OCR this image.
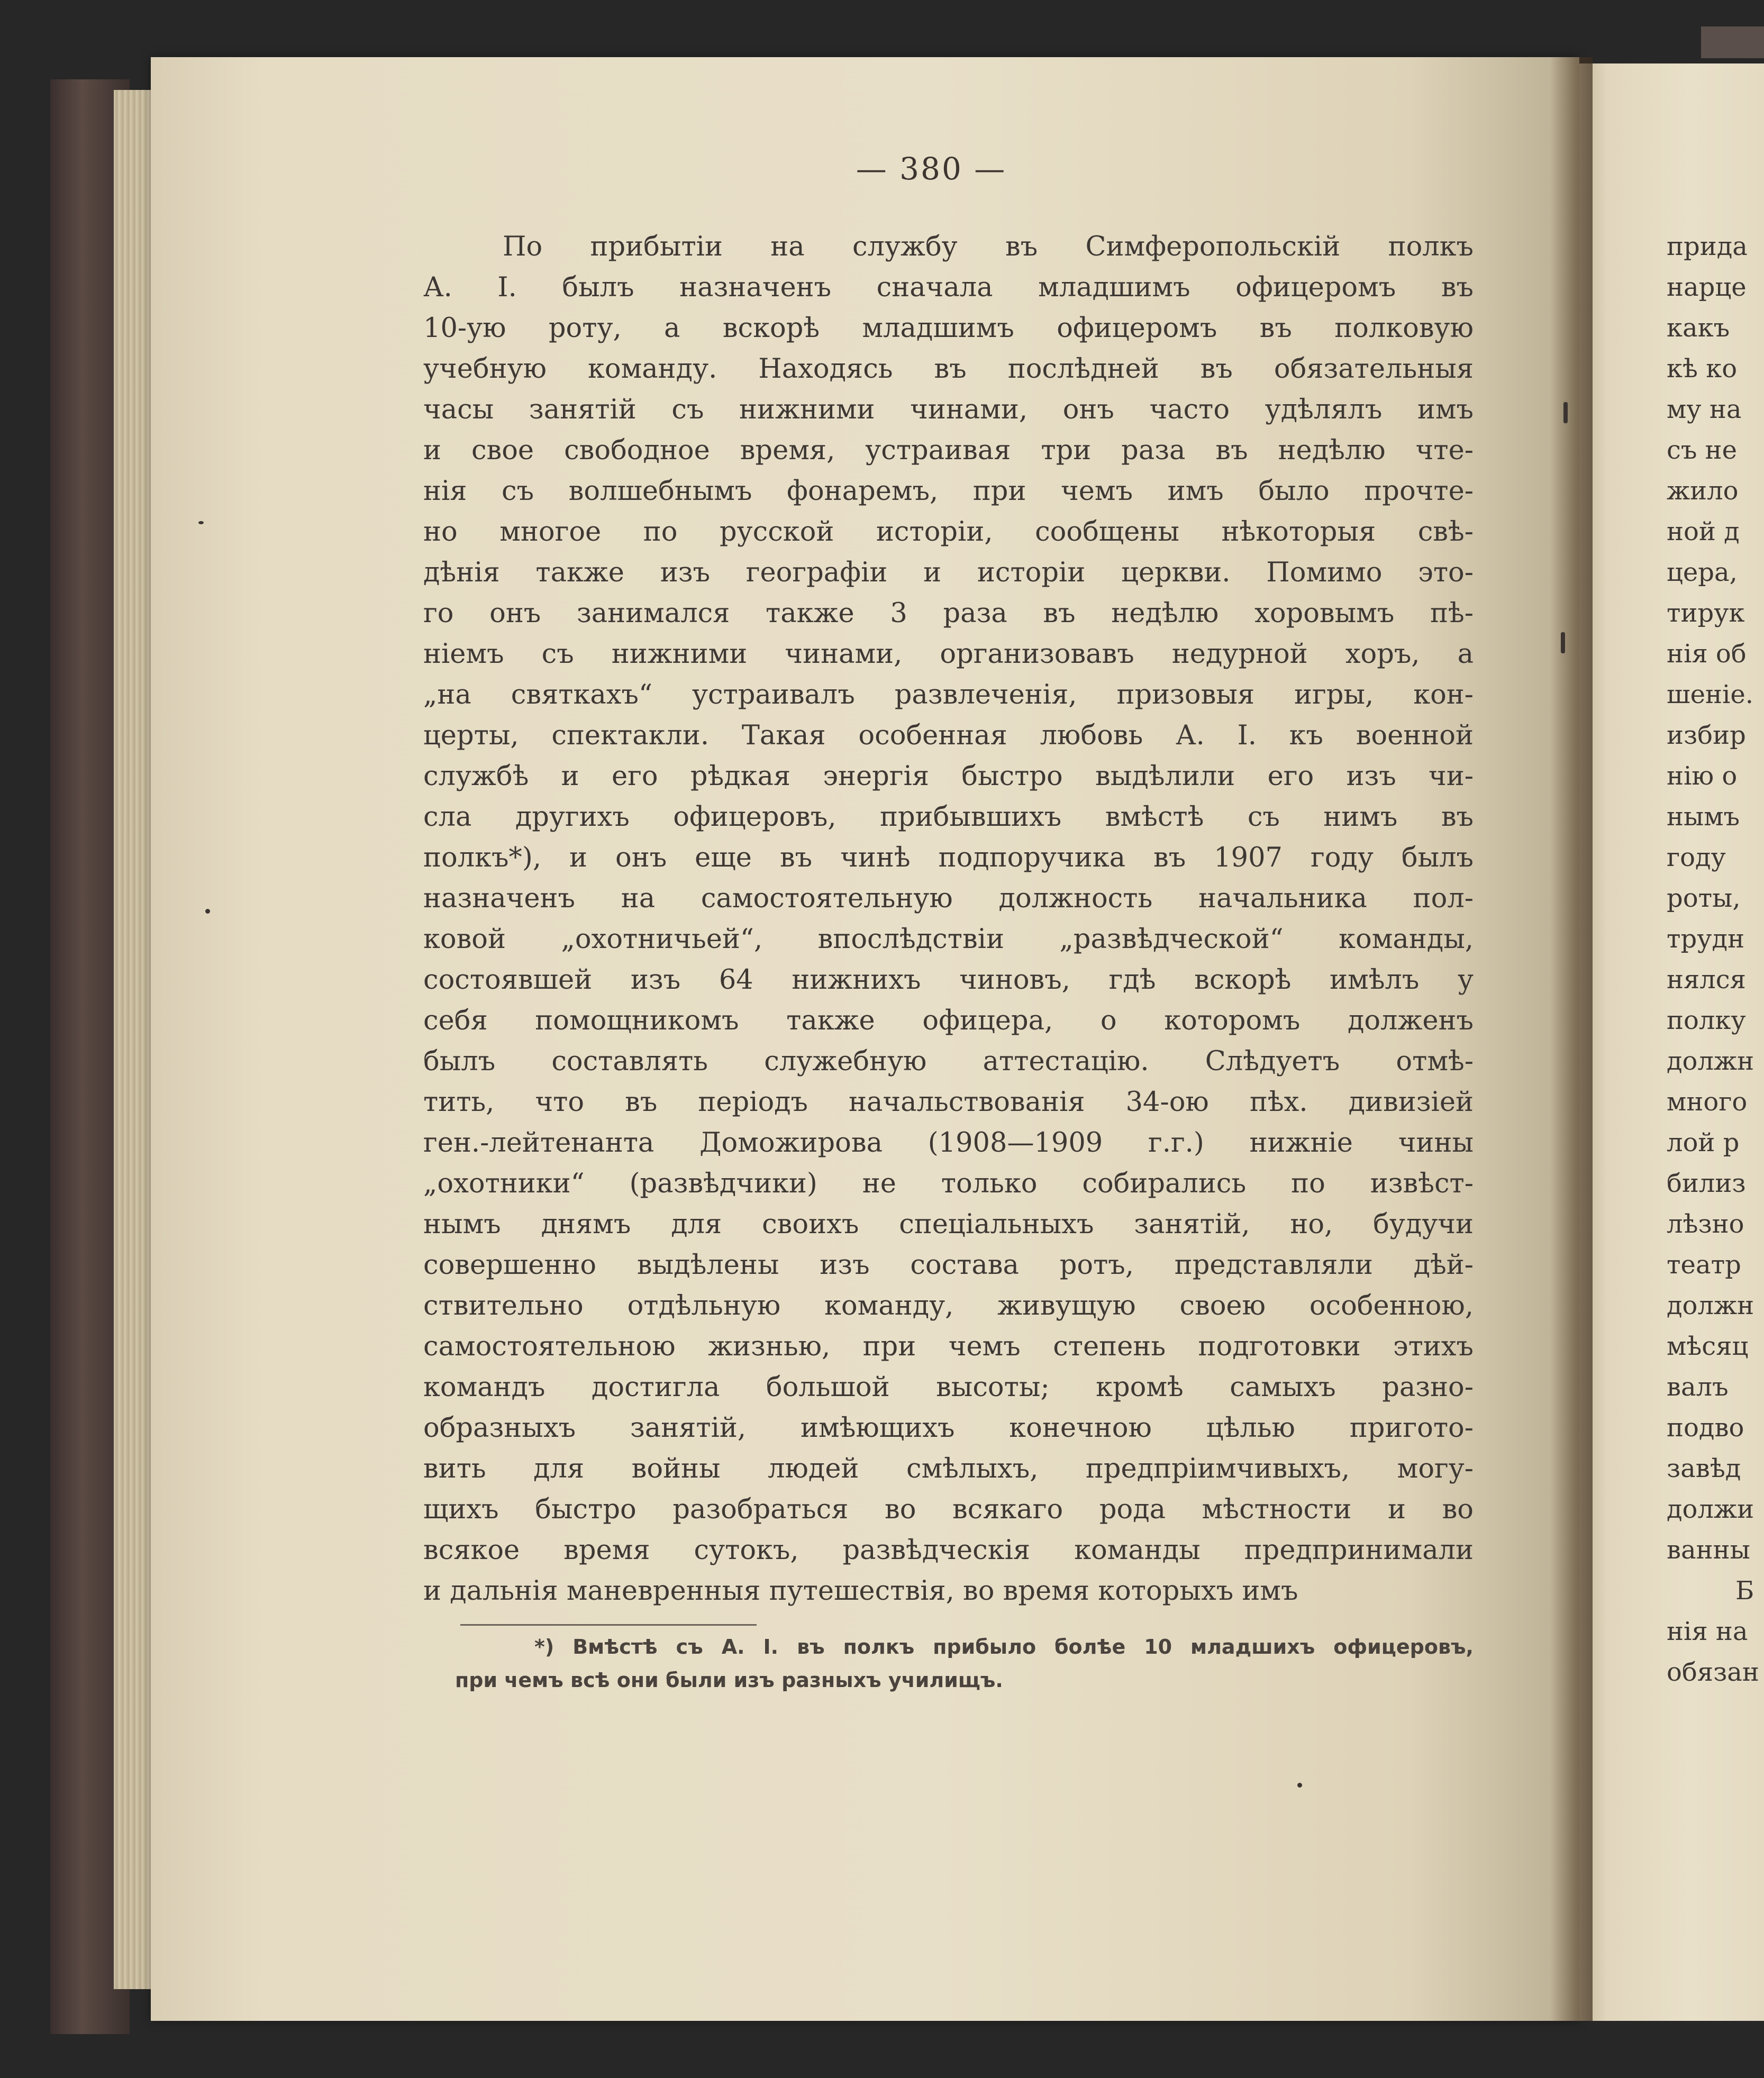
— 380 —
По прибытіи на службу въ Симферопольскій полкъ
А. І. былъ назначенъ сначала младшимъ офицеромъ въ
10-ую роту, а вскорѣ младшимъ офицеромъ въ полковую
учебную команду. Находясь въ послѣдней въ обязательныя
часы занятій съ нижними чинами, онъ часто удѣлялъ имъ
и свое свободное время, устраивая три раза въ недѣлю чте-
нія съ волшебнымъ фонаремъ, при чемъ имъ было прочте-
но многое по русской исторіи, сообщены нѣкоторыя свѣ-
дѣнія также изъ географіи и исторіи церкви. Помимо это-
го онъ занимался также 3 раза въ недѣлю хоровымъ пѣ-
ніемъ съ нижними чинами, организовавъ недурной хоръ, а
„на святкахъ“ устраивалъ развлеченія, призовыя игры, кон-
церты, спектакли. Такая особенная любовь А. І. къ военной
службѣ и его рѣдкая энергія быстро выдѣлили его изъ чи-
сла другихъ офицеровъ, прибывшихъ вмѣстѣ съ нимъ въ
полкъ*), и онъ еще въ чинѣ подпоручика въ 1907 году былъ
назначенъ на самостоятельную должность начальника пол-
ковой „охотничьей“, впослѣдствіи „развѣдческой“ команды,
состоявшей изъ 64 нижнихъ чиновъ, гдѣ вскорѣ имѣлъ у
себя помощникомъ также офицера, о которомъ долженъ
былъ составлять служебную аттестацію. Слѣдуетъ отмѣ-
тить, что въ періодъ начальствованія 34-ою пѣх. дивизіей
ген.-лейтенанта Доможирова (1908—1909 г.г.) нижніе чины
„охотники“ (развѣдчики) не только собирались по извѣст-
нымъ днямъ для своихъ спеціальныхъ занятій, но, будучи
совершенно выдѣлены изъ состава ротъ, представляли дѣй-
ствительно отдѣльную команду, живущую своею особенною,
самостоятельною жизнью, при чемъ степень подготовки этихъ
командъ достигла большой высоты; кромѣ самыхъ разно-
образныхъ занятій, имѣющихъ конечною цѣлью пригото-
вить для войны людей смѣлыхъ, предпріимчивыхъ, могу-
щихъ быстро разобраться во всякаго рода мѣстности и во
всякое время сутокъ, развѣдческія команды предпринимали
и дальнія маневренныя путешествія, во время которыхъ имъ
*) Вмѣстѣ съ А. І. въ полкъ прибыло болѣе 10 младшихъ офицеровъ,
при чемъ всѣ они были изъ разныхъ училищъ.
прида
нарце
какъ
кѣ ко
му на
съ не
жило
ной д
цера,
тирук
нія об
шеніе.
избир
нію о
нымъ
году
роты,
трудн
нялся
полку
должн
много
лой р
билиз
лѣзно
театр
должн
мѣсяц
валъ
подво
завѣд
должи
ванны
Б
нія на
обязан
